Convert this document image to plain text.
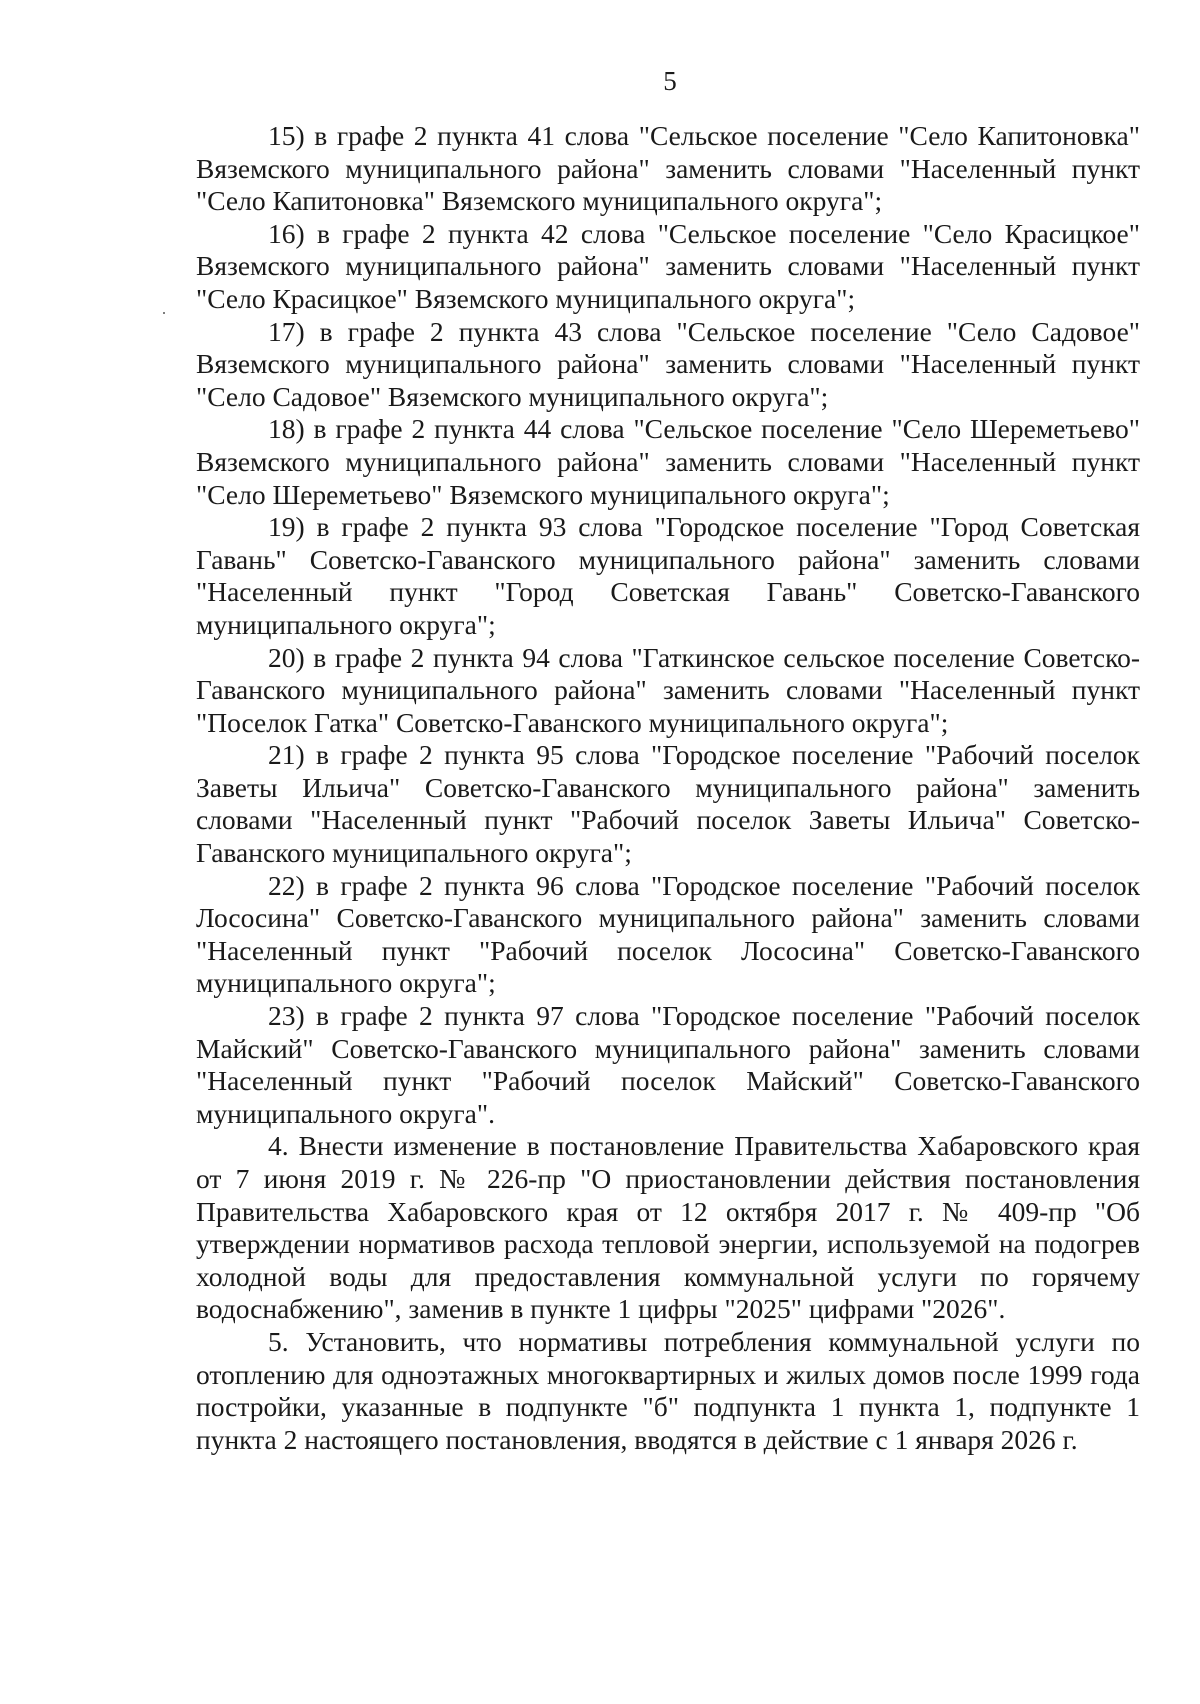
5

15) в графе 2 пункта 41 слова "Сельское поселение "Село Капитоновка" Вяземского муниципального района" заменить словами "Населенный пункт "Село Капитоновка" Вяземского муниципального округа";

16) в графе 2 пункта 42 слова "Сельское поселение "Село Красицкое" Вяземского муниципального района" заменить словами "Населенный пункт "Село Красицкое" Вяземского муниципального округа";

17) в графе 2 пункта 43 слова "Сельское поселение "Село Садовое" Вяземского муниципального района" заменить словами "Населенный пункт "Село Садовое" Вяземского муниципального округа";

18) в графе 2 пункта 44 слова "Сельское поселение "Село Шереметьево" Вяземского муниципального района" заменить словами "Населенный пункт "Село Шереметьево" Вяземского муниципального округа";

19) в графе 2 пункта 93 слова "Городское поселение "Город Советская Гавань" Советско-Гаванского муниципального района" заменить словами "Населенный пункт "Город Советская Гавань" Советско-Гаванского муниципального округа";

20) в графе 2 пункта 94 слова "Гаткинское сельское поселение Советско-Гаванского муниципального района" заменить словами "Населенный пункт "Поселок Гатка" Советско-Гаванского муниципального округа";

21) в графе 2 пункта 95 слова "Городское поселение "Рабочий поселок Заветы Ильича" Советско-Гаванского муниципального района" заменить словами "Населенный пункт "Рабочий поселок Заветы Ильича" Советско-Гаванского муниципального округа";

22) в графе 2 пункта 96 слова "Городское поселение "Рабочий поселок Лососина" Советско-Гаванского муниципального района" заменить словами "Населенный пункт "Рабочий поселок Лососина" Советско-Гаванского муниципального округа";

23) в графе 2 пункта 97 слова "Городское поселение "Рабочий поселок Майский" Советско-Гаванского муниципального района" заменить словами "Населенный пункт "Рабочий поселок Майский" Советско-Гаванского муниципального округа".

4. Внести изменение в постановление Правительства Хабаровского края от 7 июня 2019 г. № 226-пр "О приостановлении действия постановления Правительства Хабаровского края от 12 октября 2017 г. № 409-пр "Об утверждении нормативов расхода тепловой энергии, используемой на подогрев холодной воды для предоставления коммунальной услуги по горячему водоснабжению", заменив в пункте 1 цифры "2025" цифрами "2026".

5. Установить, что нормативы потребления коммунальной услуги по отоплению для одноэтажных многоквартирных и жилых домов после 1999 года постройки, указанные в подпункте "б" подпункта 1 пункта 1, подпункте 1 пункта 2 настоящего постановления, вводятся в действие с 1 января 2026 г.
